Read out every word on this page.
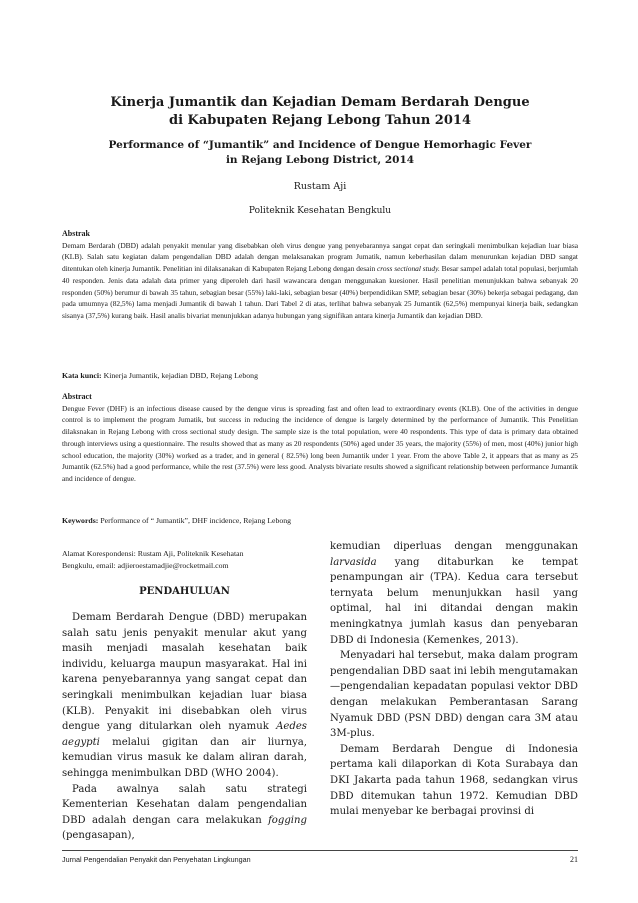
Kinerja Jumantik dan Kejadian Demam Berdarah Dengue
di Kabupaten Rejang Lebong Tahun 2014
Performance of “Jumantik” and Incidence of Dengue Hemorhagic Fever
in Rejang Lebong District, 2014
Rustam Aji
Politeknik Kesehatan Bengkulu
Abstrak
Demam Berdarah (DBD) adalah penyakit menular yang disebabkan oleh virus dengue yang penyebarannya sangat cepat dan seringkali menimbulkan kejadian luar biasa (KLB). Salah satu kegiatan dalam pengendalian DBD adalah dengan melaksanakan program Jumatik, namun keberhasilan dalam menurunkan kejadian DBD sangat ditentukan oleh kinerja Jumantik. Penelitian ini dilaksanakan di Kabupaten Rejang Lebong dengan desain cross sectional study. Besar sampel adalah total populasi, berjumlah 40 responden. Jenis data adalah data primer yang diperoleh dari hasil wawancara dengan menggunakan kuesioner. Hasil penelitian menunjukkan bahwa sebanyak 20 responden (50%) berumur di bawah 35 tahun, sebagian besar (55%) laki-laki, sebagian besar (40%) berpendidikan SMP, sebagian besar (30%) bekerja sebagai pedagang, dan pada umumnya (82,5%) lama menjadi Jumantik di bawah 1 tahun. Dari Tabel 2 di atas, terlihat bahwa sebanyak 25 Jumantik (62,5%) mempunyai kinerja baik, sedangkan sisanya (37,5%) kurang baik. Hasil analis bivariat menunjukkan adanya hubungan yang signifikan antara kinerja Jumantik dan kejadian DBD.
Kata kunci: Kinerja Jumantik, kejadian DBD, Rejang Lebong
Abstract
Dengue Fever (DHF) is an infectious disease caused by the dengue virus is spreading fast and often lead to extraordinary events (KLB). One of the activities in dengue control is to implement the program Jumatik, but success in reducing the incidence of dengue is largely determined by the performance of Jumantik. This Penelitian dilaksnakan in Rejang Lebong with cross sectional study design. The sample size is the total population, were 40 respondents. This type of data is primary data obtained through interviews using a questionnaire. The results showed that as many as 20 respondents (50%) aged under 35 years, the majority (55%) of men, most (40%) junior high school education, the majority (30%) worked as a trader, and in general ( 82.5%) long been Jumantik under 1 year. From the above Table 2, it appears that as many as 25 Jumantik (62.5%) had a good performance, while the rest (37.5%) were less good. Analysts bivariate results showed a significant relationship between performance Jumantik and incidence of dengue.
Keywords: Performance of “ Jumantik”, DHF incidence, Rejang Lebong
Alamat Korespondensi: Rustam Aji, Politeknik Kesehatan
Bengkulu, email: adjieroestamadjie@rocketmail.com
PENDAHULUAN

Demam Berdarah Dengue (DBD) merupakan salah satu jenis penyakit menular akut yang masih menjadi masalah kesehatan baik individu, keluarga maupun masyarakat. Hal ini karena penyebarannya yang sangat cepat dan seringkali menimbulkan kejadian luar biasa (KLB). Penyakit ini disebabkan oleh virus dengue yang ditularkan oleh nyamuk Aedes aegypti melalui gigitan dan air liurnya, kemudian virus masuk ke dalam aliran darah, sehingga menimbulkan DBD (WHO 2004).

Pada awalnya salah satu strategi Kementerian Kesehatan dalam pengendalian DBD adalah dengan cara melakukan fogging (pengasapan),

kemudian diperluas dengan menggunakan larvasida yang ditaburkan ke tempat penampungan air (TPA). Kedua cara tersebut ternyata belum menunjukkan hasil yang optimal, hal ini ditandai dengan makin meningkatnya jumlah kasus dan penyebaran DBD di Indonesia (Kemenkes, 2013).

Menyadari hal tersebut, maka dalam program pengendalian DBD saat ini lebih mengutamakan —pengendalian kepadatan populasi vektor DBD dengan melakukan Pemberantasan Sarang Nyamuk DBD (PSN DBD) dengan cara 3M atau 3M-plus.

Demam Berdarah Dengue di Indonesia pertama kali dilaporkan di Kota Surabaya dan DKI Jakarta pada tahun 1968, sedangkan virus DBD ditemukan tahun 1972. Kemudian DBD mulai menyebar ke berbagai provinsi di

Jurnal Pengendalian Penyakit dan Penyehatan Lingkungan	21
